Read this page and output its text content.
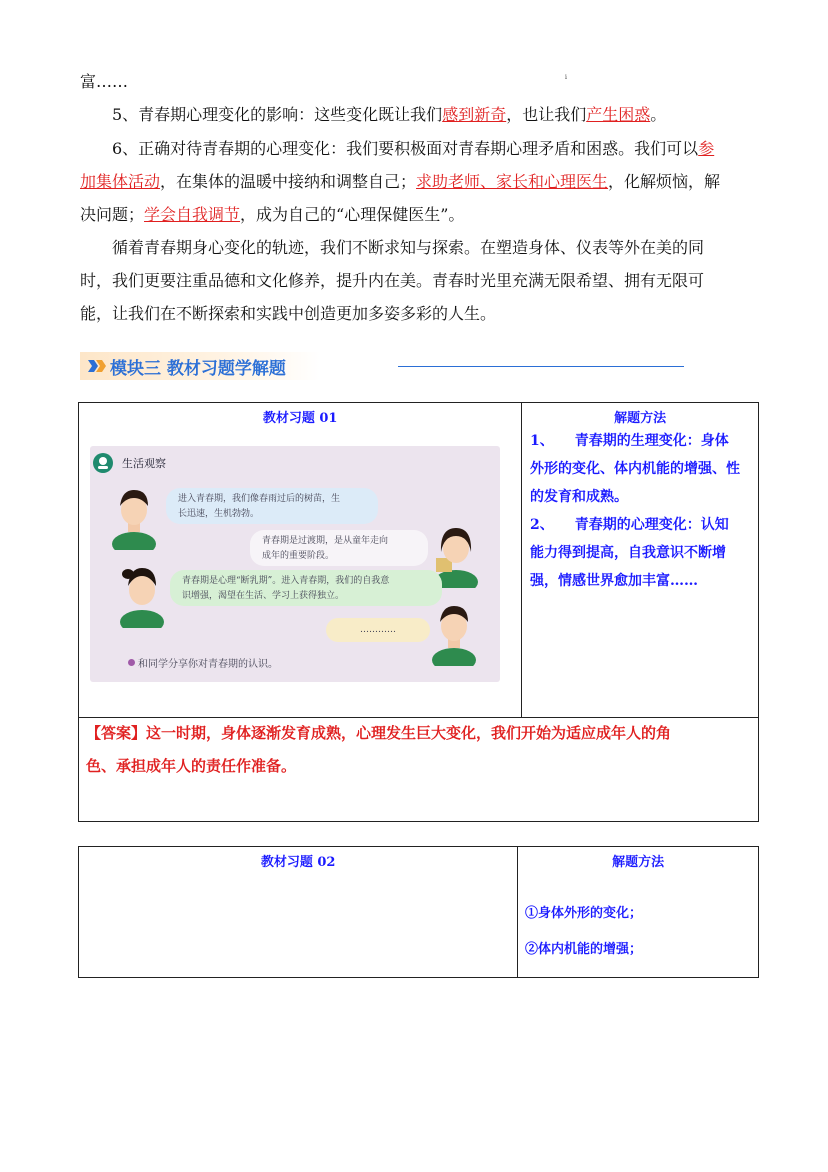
富……	i
5、青春期心理变化的影响：这些变化既让我们感到新奇，也让我们产生困惑。
6、正确对待青春期的心理变化：我们要积极面对青春期心理矛盾和困惑。我们可以参
加集体活动，在集体的温暖中接纳和调整自己；求助老师、家长和心理医生，化解烦恼，解
决问题；学会自我调节，成为自己的“心理保健医生”。
循着青春期身心变化的轨迹，我们不断求知与探索。在塑造身体、仪表等外在美的同
时，我们更要注重品德和文化修养，提升内在美。青春时光里充满无限希望、拥有无限可
能，让我们在不断探索和实践中创造更加多姿多彩的人生。
模块三 教材习题学解题
教材习题 01	解题方法

1、　　青春期的生理变化：身体
外形的变化、体内机能的增强、性
的发育和成熟。
2、　　青春期的心理变化：认知
能力得到提高，自我意识不断增
强，情感世界愈加丰富……
生活观察
进入青春期，我们像春雨过后的树苗，生
长迅速，生机勃勃。
青春期是过渡期，是从童年走向
成年的重要阶段。
青春期是心理“断乳期”。进入青春期，我们的自我意
识增强，渴望在生活、学习上获得独立。
…………
和同学分享你对青春期的认识。
【答案】这一时期，身体逐渐发育成熟，心理发生巨大变化，我们开始为适应成年人的角
色、承担成年人的责任作准备。
教材习题 02	解题方法
①身体外形的变化；
②体内机能的增强；
